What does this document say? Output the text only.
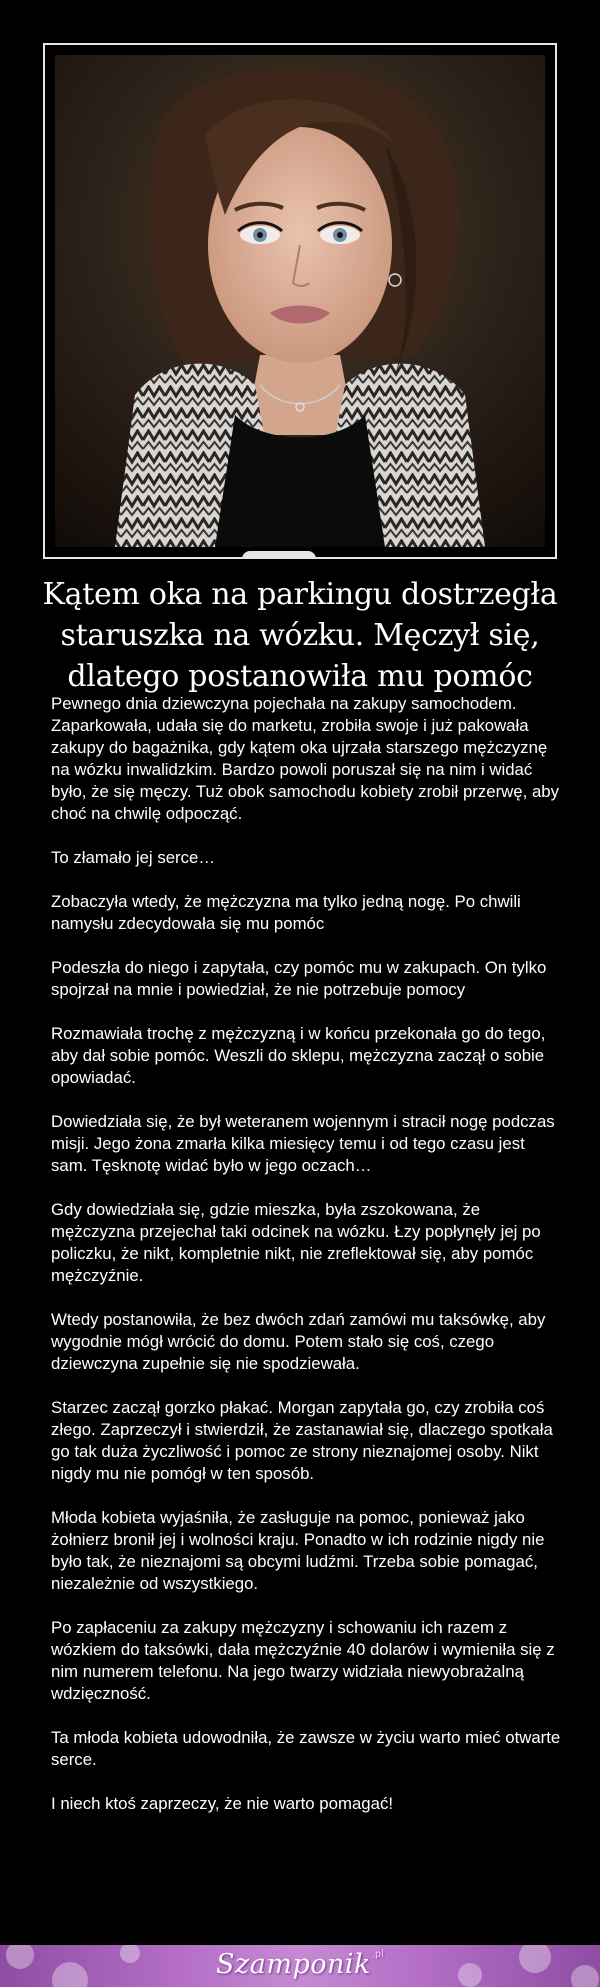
Kątem oka na parkingu dostrzegła
staruszka na wózku. Męczył się,
dlatego postanowiła mu pomóc

Pewnego dnia dziewczyna pojechała na zakupy samochodem. Zaparkowała, udała się do marketu, zrobiła swoje i już pakowała zakupy do bagażnika, gdy kątem oka ujrzała starszego mężczyznę na wózku inwalidzkim. Bardzo powoli poruszał się na nim i widać było, że się męczy. Tuż obok samochodu kobiety zrobił przerwę, aby choć na chwilę odpocząć.

To złamało jej serce…

Zobaczyła wtedy, że mężczyzna ma tylko jedną nogę. Po chwili namysłu zdecydowała się mu pomóc

Podeszła do niego i zapytała, czy pomóc mu w zakupach. On tylko spojrzał na mnie i powiedział, że nie potrzebuje pomocy

Rozmawiała trochę z mężczyzną i w końcu przekonała go do tego, aby dał sobie pomóc. Weszli do sklepu, mężczyzna zaczął o sobie opowiadać.

Dowiedziała się, że był weteranem wojennym i stracił nogę podczas misji. Jego żona zmarła kilka miesięcy temu i od tego czasu jest sam. Tęsknotę widać było w jego oczach…

Gdy dowiedziała się, gdzie mieszka, była zszokowana, że mężczyzna przejechał taki odcinek na wózku. Łzy popłynęły jej po policzku, że nikt, kompletnie nikt, nie zreflektował się, aby pomóc mężczyźnie.

Wtedy postanowiła, że bez dwóch zdań zamówi mu taksówkę, aby wygodnie mógł wrócić do domu. Potem stało się coś, czego dziewczyna zupełnie się nie spodziewała.

Starzec zaczął gorzko płakać. Morgan zapytała go, czy zrobiła coś złego. Zaprzeczył i stwierdził, że zastanawiał się, dlaczego spotkała go tak duża życzliwość i pomoc ze strony nieznajomej osoby. Nikt nigdy mu nie pomógł w ten sposób.

Młoda kobieta wyjaśniła, że zasługuje na pomoc, ponieważ jako żołnierz bronił jej i wolności kraju. Ponadto w ich rodzinie nigdy nie było tak, że nieznajomi są obcymi ludźmi. Trzeba sobie pomagać, niezależnie od wszystkiego.

Po zapłaceniu za zakupy mężczyzny i schowaniu ich razem z wózkiem do taksówki, dała mężczyźnie 40 dolarów i wymieniła się z nim numerem telefonu. Na jego twarzy widziała niewyobrażalną wdzięczność.

Ta młoda kobieta udowodniła, że zawsze w życiu warto mieć otwarte serce.

I niech ktoś zaprzeczy, że nie warto pomagać!

Szamponik$^{.pl}$
